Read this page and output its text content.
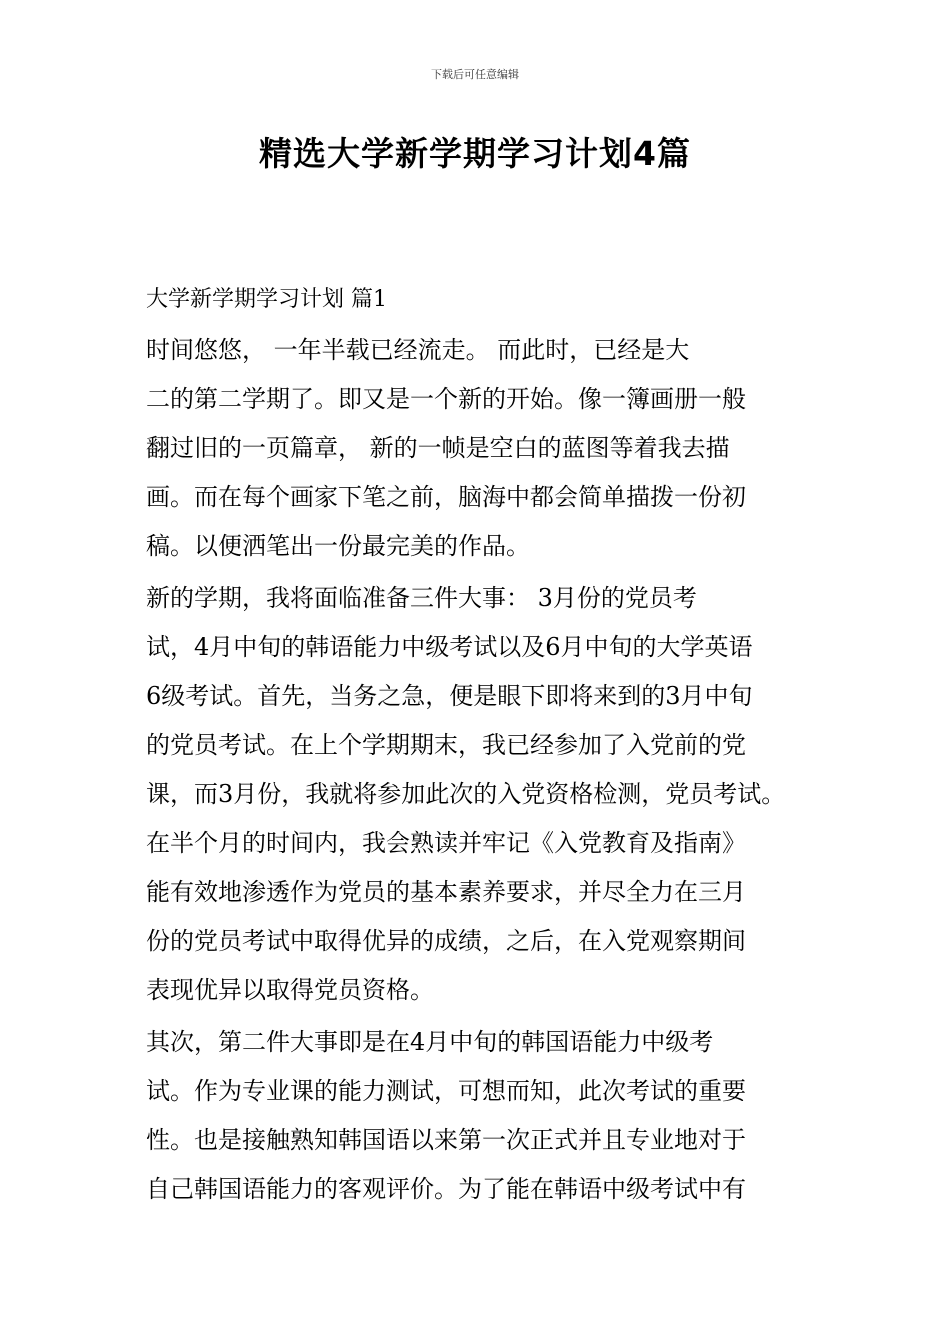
下载后可任意编辑
精选大学新学期学习计划4篇
大学新学期学习计划 篇1
时间悠悠， 一年半载已经流走。 而此时，已经是大
二的第二学期了。即又是一个新的开始。像一簿画册一般
翻过旧的一页篇章， 新的一帧是空白的蓝图等着我去描
画。而在每个画家下笔之前，脑海中都会简单描拨一份初
稿。以便洒笔出一份最完美的作品。
新的学期，我将面临准备三件大事： 3月份的党员考
试，4月中旬的韩语能力中级考试以及6月中旬的大学英语
6级考试。首先，当务之急，便是眼下即将来到的3月中旬
的党员考试。在上个学期期末，我已经参加了入党前的党
课，而3月份，我就将参加此次的入党资格检测，党员考试。
在半个月的时间内，我会熟读并牢记《入党教育及指南》
能有效地渗透作为党员的基本素养要求，并尽全力在三月
份的党员考试中取得优异的成绩，之后，在入党观察期间
表现优异以取得党员资格。
其次，第二件大事即是在4月中旬的韩国语能力中级考
试。作为专业课的能力测试，可想而知，此次考试的重要
性。也是接触熟知韩国语以来第一次正式并且专业地对于
自己韩国语能力的客观评价。为了能在韩语中级考试中有
